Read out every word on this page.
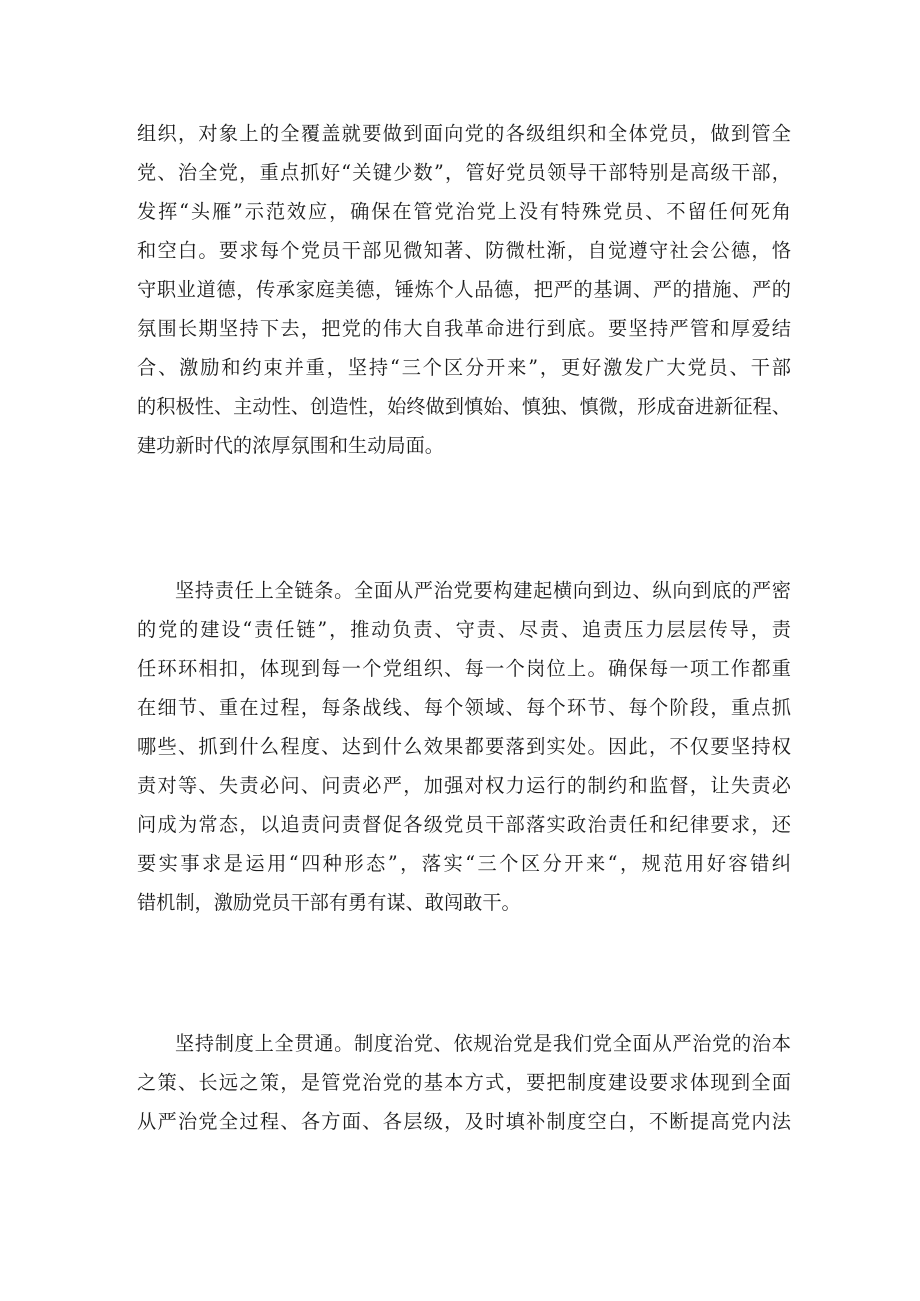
组织，对象上的全覆盖就要做到面向党的各级组织和全体党员，做到管全
党、治全党，重点抓好“关键少数”，管好党员领导干部特别是高级干部，
发挥“头雁”示范效应，确保在管党治党上没有特殊党员、不留任何死角
和空白。要求每个党员干部见微知著、防微杜渐，自觉遵守社会公德，恪
守职业道德，传承家庭美德，锤炼个人品德，把严的基调、严的措施、严的
氛围长期坚持下去，把党的伟大自我革命进行到底。要坚持严管和厚爱结
合、激励和约束并重，坚持“三个区分开来”，更好激发广大党员、干部
的积极性、主动性、创造性，始终做到慎始、慎独、慎微，形成奋进新征程、
建功新时代的浓厚氛围和生动局面。
坚持责任上全链条。全面从严治党要构建起横向到边、纵向到底的严密
的党的建设“责任链”，推动负责、守责、尽责、追责压力层层传导，责
任环环相扣，体现到每一个党组织、每一个岗位上。确保每一项工作都重
在细节、重在过程，每条战线、每个领域、每个环节、每个阶段，重点抓
哪些、抓到什么程度、达到什么效果都要落到实处。因此，不仅要坚持权
责对等、失责必问、问责必严，加强对权力运行的制约和监督，让失责必
问成为常态，以追责问责督促各级党员干部落实政治责任和纪律要求，还
要实事求是运用“四种形态”，落实“三个区分开来“，规范用好容错纠
错机制，激励党员干部有勇有谋、敢闯敢干。
坚持制度上全贯通。制度治党、依规治党是我们党全面从严治党的治本
之策、长远之策，是管党治党的基本方式，要把制度建设要求体现到全面
从严治党全过程、各方面、各层级，及时填补制度空白，不断提高党内法
